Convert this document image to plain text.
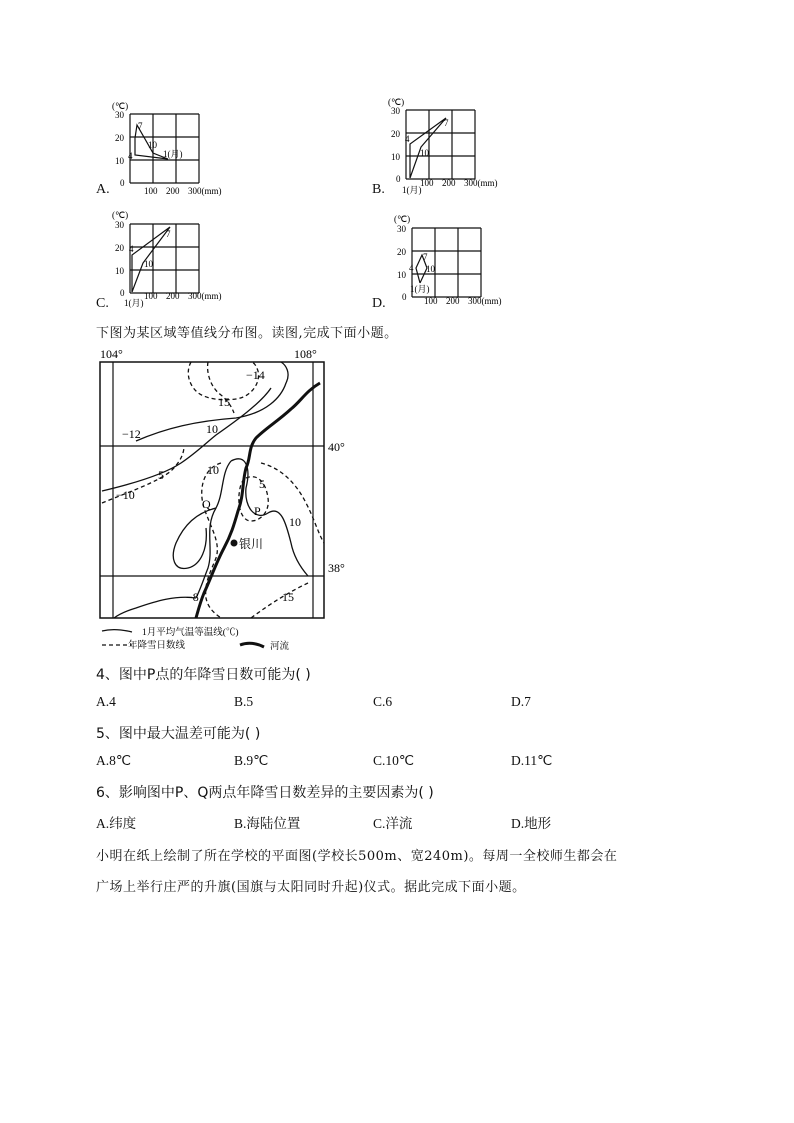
(℃)
30
20
10
0
100 200 300(mm)
7
10
4	1(月)
A.
(℃)
30
20
10
0 100 200 300(mm)
7
10
4
1(月)
B.
(℃)
30
20
10
0 100 200 300(mm)
7
10
4
1(月)
C.
(℃)
30
20
10
0 100 200 300(mm)
7
10
4
1(月)
D.
下图为某区域等值线分布图。读图,完成下面小题。
104°	108°
40°
38°
−14
15
−12	10
5
−10
10
5
Q	P
10
银川
−8	15
1月平均气温等温线(℃)
年降雪日数线	河流
4、图中P点的年降雪日数可能为( )
A.4	B.5	C.6	D.7
5、图中最大温差可能为( )
A.8℃	B.9℃	C.10℃	D.11℃
6、影响图中P、Q两点年降雪日数差异的主要因素为( )
A.纬度	B.海陆位置	C.洋流	D.地形
小明在纸上绘制了所在学校的平面图(学校长500m、宽240m)。每周一全校师生都会在
广场上举行庄严的升旗(国旗与太阳同时升起)仪式。据此完成下面小题。
